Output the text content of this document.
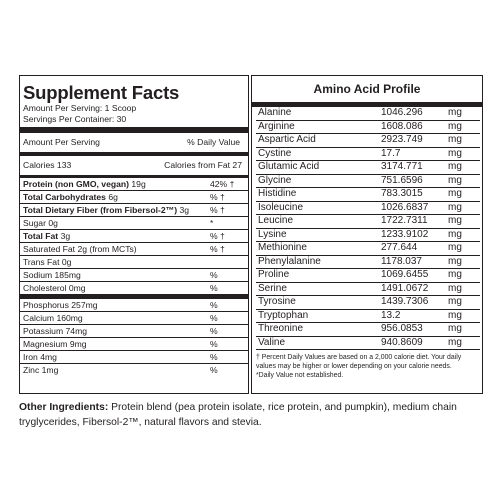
Supplement Facts
Amount Per Serving: 1 Scoop
Servings Per Container: 30
Amount Per Serving	% Daily Value
Calories 133	Calories from Fat 27
Protein (non GMO, vegan) 19g	42% †
Total Carbohydrates 6g	% †
Total Dietary Fiber (from Fibersol-2™) 3g % †
Sugar 0g	*
Total Fat 3g	% †
Saturated Fat 2g (from MCTs)	% †
Trans Fat 0g
Sodium 185mg	%
Cholesterol 0mg	%
Phosphorus 257mg	%
Calcium 160mg	%
Potassium 74mg	%
Magnesium 9mg	%
Iron 4mg	%
Zinc 1mg	%
Amino Acid Profile
Alanine	1046.296	mg
Arginine	1608.086	mg
Aspartic Acid	2923.749	mg
Cystine	17.7	mg
Glutamic Acid	3174.771	mg
Glycine	751.6596	mg
Histidine	783.3015	mg
Isoleucine	1026.6837 mg
Leucine	1722.7311 mg
Lysine	1233.9102 mg
Methionine	277.644	mg
Phenylalanine	1178.037	mg
Proline	1069.6455 mg
Serine	1491.0672 mg
Tyrosine	1439.7306 mg
Tryptophan	13.2	mg
Threonine	956.0853	mg
Valine	940.8609	mg
† Percent Daily Values are based on a 2,000 calorie diet. Your daily values may be higher or lower depending on your calorie needs.
*Daily Value not established.
Other Ingredients: Protein blend (pea protein isolate, rice protein, and pumpkin), medium chain tryglycerides, Fibersol-2™, natural flavors and stevia.
